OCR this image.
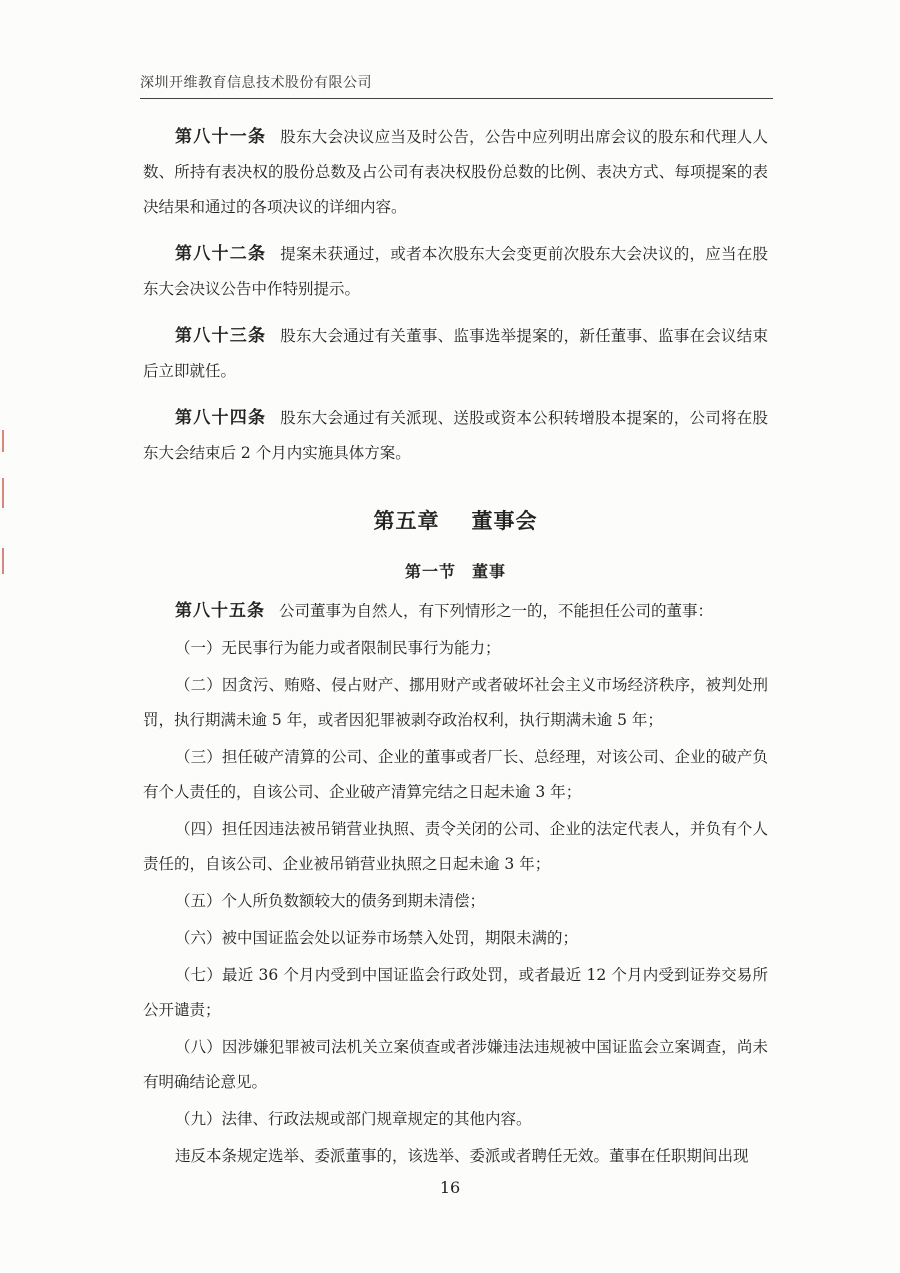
深圳开维教育信息技术股份有限公司

第八十一条 股东大会决议应当及时公告，公告中应列明出席会议的股东和代理人人数、所持有表决权的股份总数及占公司有表决权股份总数的比例、表决方式、每项提案的表决结果和通过的各项决议的详细内容。

第八十二条 提案未获通过，或者本次股东大会变更前次股东大会决议的，应当在股东大会决议公告中作特别提示。

第八十三条 股东大会通过有关董事、监事选举提案的，新任董事、监事在会议结束后立即就任。

第八十四条 股东大会通过有关派现、送股或资本公积转增股本提案的，公司将在股东大会结束后 2 个月内实施具体方案。

第五章 董事会
第一节 董事

第八十五条 公司董事为自然人，有下列情形之一的，不能担任公司的董事：

（一）无民事行为能力或者限制民事行为能力；

（二）因贪污、贿赂、侵占财产、挪用财产或者破坏社会主义市场经济秩序，被判处刑罚，执行期满未逾 5 年，或者因犯罪被剥夺政治权利，执行期满未逾 5 年；

（三）担任破产清算的公司、企业的董事或者厂长、总经理，对该公司、企业的破产负有个人责任的，自该公司、企业破产清算完结之日起未逾 3 年；

（四）担任因违法被吊销营业执照、责令关闭的公司、企业的法定代表人，并负有个人责任的，自该公司、企业被吊销营业执照之日起未逾 3 年；

（五）个人所负数额较大的债务到期未清偿；

（六）被中国证监会处以证券市场禁入处罚，期限未满的；

（七）最近 36 个月内受到中国证监会行政处罚，或者最近 12 个月内受到证券交易所公开谴责；

（八）因涉嫌犯罪被司法机关立案侦查或者涉嫌违法违规被中国证监会立案调查，尚未有明确结论意见。

（九）法律、行政法规或部门规章规定的其他内容。

违反本条规定选举、委派董事的，该选举、委派或者聘任无效。董事在任职期间出现

16
